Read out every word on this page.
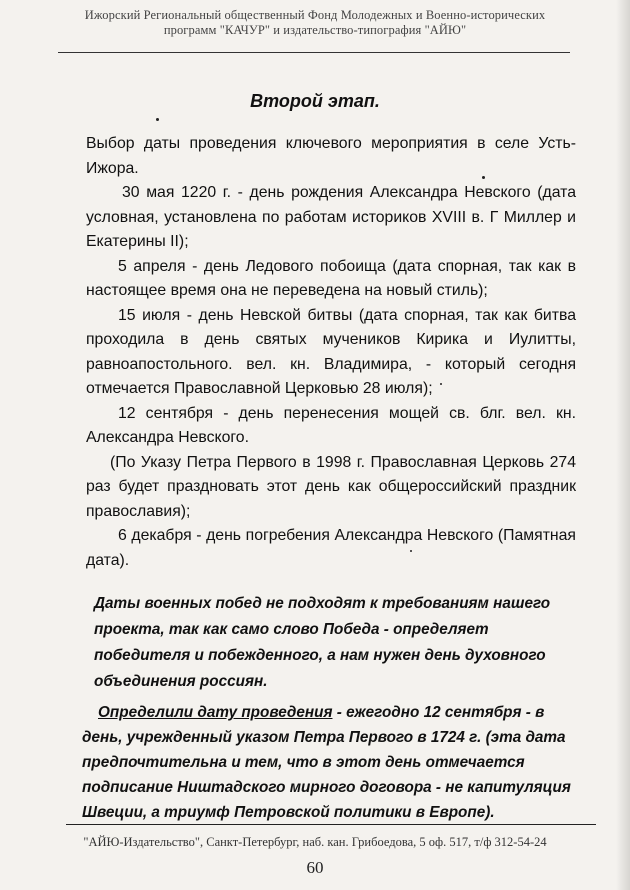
Ижорский Региональный общественный Фонд Молодежных и Военно-исторических
программ "КАЧУР" и издательство-типография "АЙЮ"
Второй этап.

Выбор даты проведения ключевого мероприятия в селе Усть-Ижора.

30 мая 1220 г. - день рождения Александра Невского (дата условная, установлена по работам историков XVIII в. Г Миллер и Екатерины II);

5 апреля - день Ледового побоища (дата спорная, так как в настоящее время она не переведена на новый стиль);

15 июля - день Невской битвы (дата спорная, так как битва проходила в день святых мучеников Кирика и Иулитты, равноапостольного. вел. кн. Владимира, - который сегодня отмечается Православной Церковью 28 июля);

12 сентября - день перенесения мощей св. блг. вел. кн. Александра Невского.

(По Указу Петра Первого в 1998 г. Православная Церковь 274 раз будет праздновать этот день как общероссийский праздник православия);

6 декабря - день погребения Александра Невского (Памятная дата).

Даты военных побед не подходят к требованиям нашего проекта, так как само слово Победа - определяет победителя и побежденного, а нам нужен день духовного объединения россиян.
Определили дату проведения - ежегодно 12 сентября - в день, учрежденный указом Петра Первого в 1724 г. (эта дата предпочтительна и тем, что в этот день отмечается подписание Ништадского мирного договора - не капитуляция Швеции, а триумф Петровской политики в Европе).
"АЙЮ-Издательство", Санкт-Петербург, наб. кан. Грибоедова, 5 оф. 517, т/ф 312-54-24
60
